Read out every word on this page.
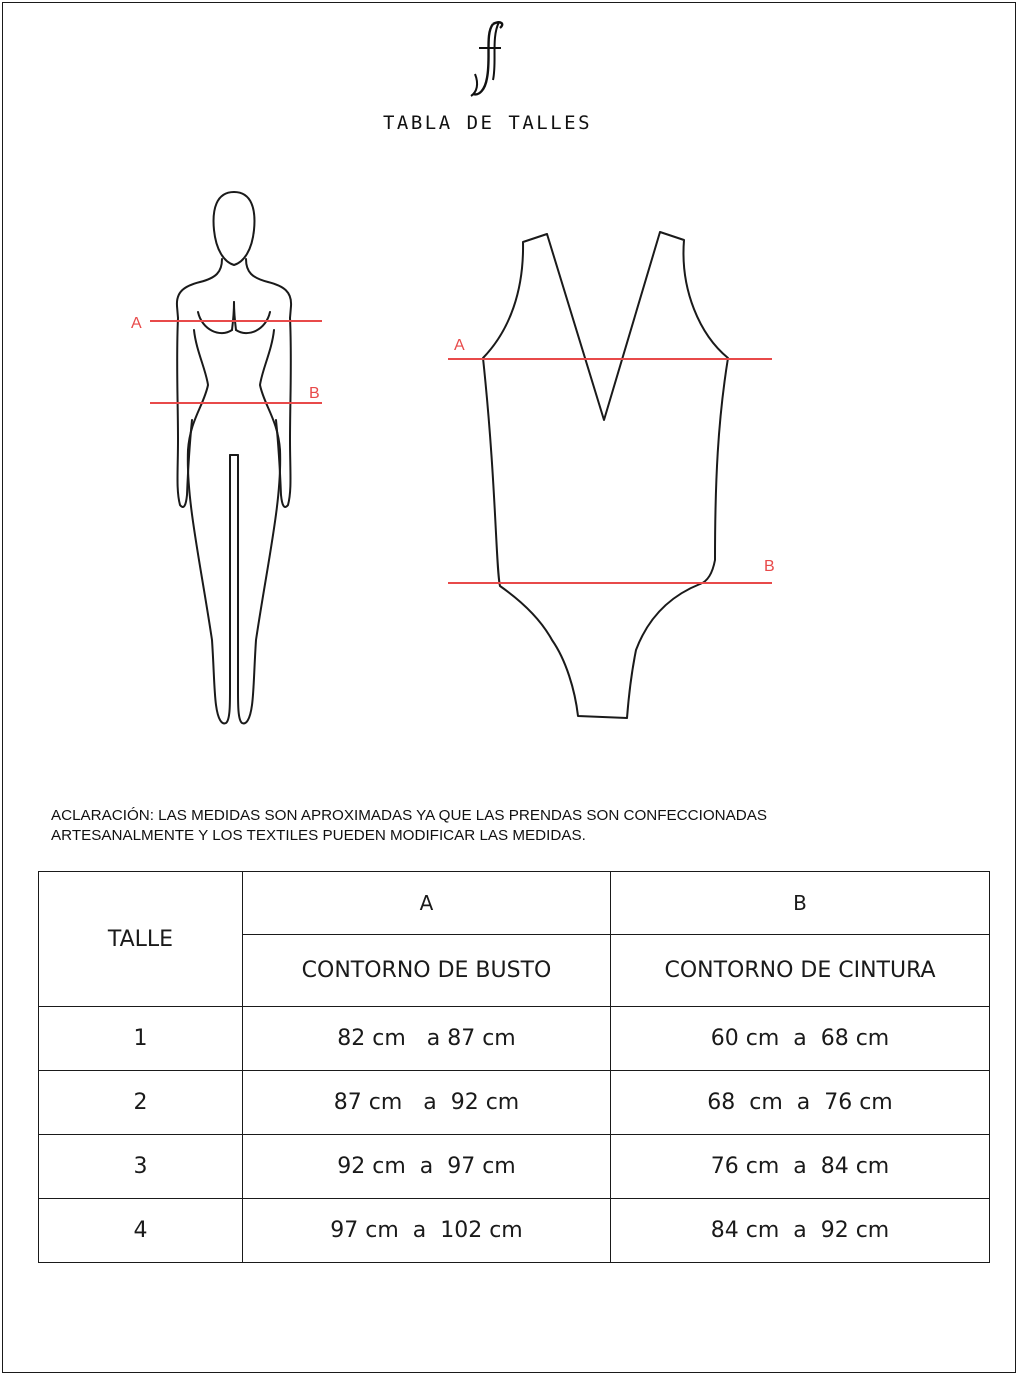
TABLA DE TALLES
A
B
A
B
ACLARACIÓN: LAS MEDIDAS SON APROXIMADAS YA QUE LAS PRENDAS SON CONFECCIONADAS
ARTESANALMENTE Y LOS TEXTILES PUEDEN MODIFICAR LAS MEDIDAS.
TALLE	A	B
	CONTORNO DE BUSTO	CONTORNO DE CINTURA
1	82 cm   a 87 cm	60 cm  a  68 cm
2	87 cm   a  92 cm	68  cm  a  76 cm
3	92 cm  a  97 cm	76 cm  a  84 cm
4	97 cm  a  102 cm	84 cm  a  92 cm
